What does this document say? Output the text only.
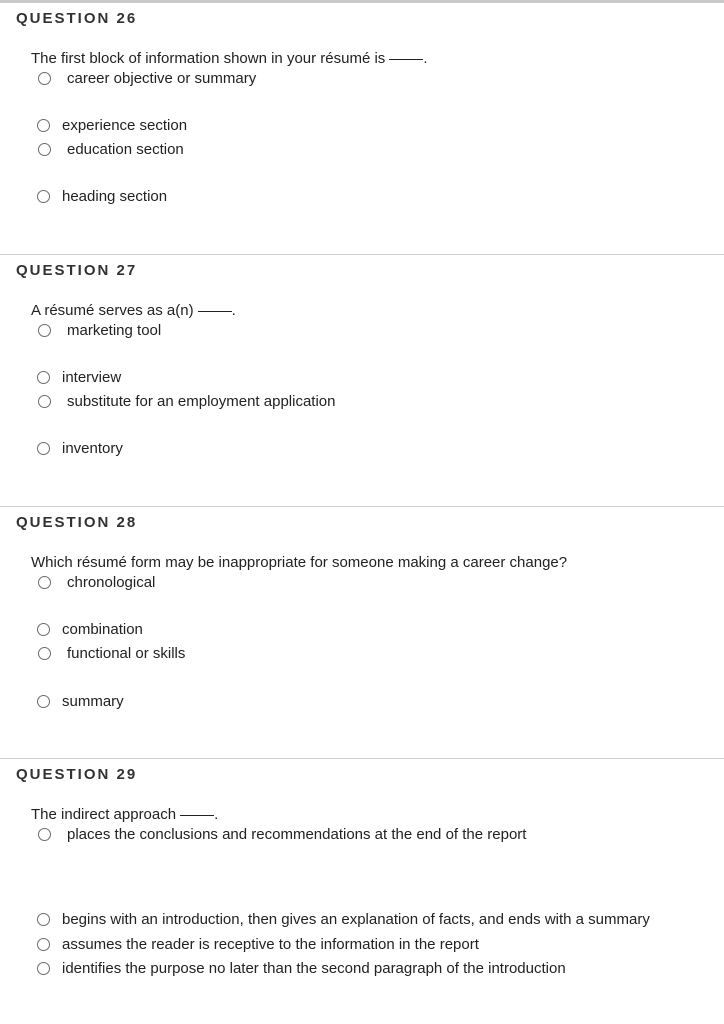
QUESTION 26
The first block of information shown in your résumé is	.
career objective or summary
experience section
education section
heading section
QUESTION 27
A résumé serves as a(n)	.
marketing tool
interview
substitute for an employment application
inventory
QUESTION 28
Which résumé form may be inappropriate for someone making a career change?
chronological
combination
functional or skills
summary
QUESTION 29
The indirect approach	.
places the conclusions and recommendations at the end of the report
begins with an introduction, then gives an explanation of facts, and ends with a summary
assumes the reader is receptive to the information in the report
identifies the purpose no later than the second paragraph of the introduction
